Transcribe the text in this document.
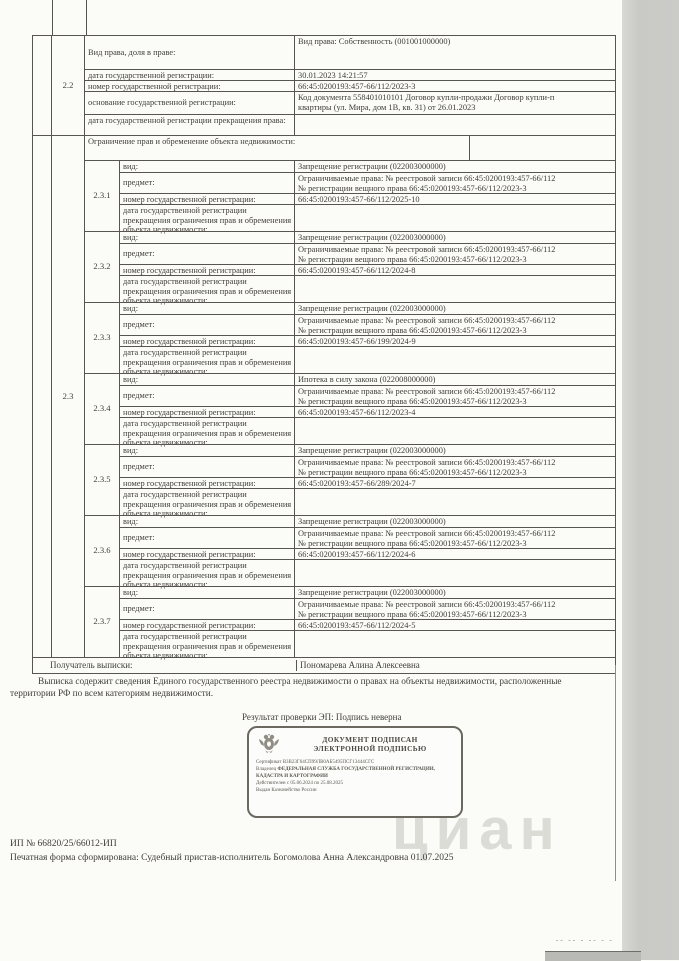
циан
2.2
Вид права, доля в праве:
Вид права: Собственность (001001000000)
дата государственной регистрации:	30.01.2023 14:21:57
номер государственной регистрации:	66:45:0200193:457-66/112/2023-3
основание государственной регистрации:
Код документа 558401010101 Договор купли-продажи Договор купли-п
квартиры (ул. Мира, дом 1В, кв. 31) от 26.01.2023
дата государственной регистрации прекращения права:
2.3
Ограничение прав и обременение объекта недвижимости:
2.3.1
вид:	Запрещение регистрации (022003000000)
предмет:	Ограничиваемые права: № реестровой записи 66:45:0200193:457-66/112
№ регистрации вещного права 66:45:0200193:457-66/112/2023-3
номер государственной регистрации:	66:45:0200193:457-66/112/2025-10
дата государственной регистрации прекращения ограничения прав и обременения объекта недвижимости:
2.3.2
вид:	Запрещение регистрации (022003000000)
предмет:	Ограничиваемые права: № реестровой записи 66:45:0200193:457-66/112
№ регистрации вещного права 66:45:0200193:457-66/112/2023-3
номер государственной регистрации:	66:45:0200193:457-66/112/2024-8
дата государственной регистрации прекращения ограничения прав и обременения объекта недвижимости:
2.3.3
вид:	Запрещение регистрации (022003000000)
предмет:	Ограничиваемые права: № реестровой записи 66:45:0200193:457-66/112
№ регистрации вещного права 66:45:0200193:457-66/112/2023-3
номер государственной регистрации:	66:45:0200193:457-66/199/2024-9
дата государственной регистрации прекращения ограничения прав и обременения объекта недвижимости:
2.3.4
вид:	Ипотека в силу закона (022008000000)
предмет:	Ограничиваемые права: № реестровой записи 66:45:0200193:457-66/112
№ регистрации вещного права 66:45:0200193:457-66/112/2023-3
номер государственной регистрации:	66:45:0200193:457-66/112/2023-4
дата государственной регистрации прекращения ограничения прав и обременения объекта недвижимости:
2.3.5
вид:	Запрещение регистрации (022003000000)
предмет:	Ограничиваемые права: № реестровой записи 66:45:0200193:457-66/112
№ регистрации вещного права 66:45:0200193:457-66/112/2023-3
номер государственной регистрации:	66:45:0200193:457-66/289/2024-7
дата государственной регистрации прекращения ограничения прав и обременения объекта недвижимости:
2.3.6
вид:	Запрещение регистрации (022003000000)
предмет:	Ограничиваемые права: № реестровой записи 66:45:0200193:457-66/112
№ регистрации вещного права 66:45:0200193:457-66/112/2023-3
номер государственной регистрации:	66:45:0200193:457-66/112/2024-6
дата государственной регистрации прекращения ограничения прав и обременения объекта недвижимости:
2.3.7
вид:	Запрещение регистрации (022003000000)
предмет:	Ограничиваемые права: № реестровой записи 66:45:0200193:457-66/112
№ регистрации вещного права 66:45:0200193:457-66/112/2023-3
номер государственной регистрации:	66:45:0200193:457-66/112/2024-5
дата государственной регистрации прекращения ограничения прав и обременения объекта недвижимости:
Получатель выписки:	Пономарева Алина Алексеевна
Выписка содержит сведения Единого государственного реестра недвижимости о правах на объекты недвижимости, расположенные
территории РФ по всем категориям недвижимости.
Результат проверки ЭП: Подпись неверна
ДОКУМЕНТ ПОДПИСАН
ЭЛЕКТРОННОЙ ПОДПИСЬЮ
Сертификат В3В23Г64СП99ЛВ0АБ5495ПСГ13444СГС
Владелец ФЕДЕРАЛЬНАЯ СЛУЖБА ГОСУДАРСТВЕННОЙ РЕГИСТРАЦИИ, КАДАСТРА И КАРТОГРАФИИ
Действителен с 05.06.2024 по 25.08.2025
Выдан Казначейство России
ИП № 66820/25/66012-ИП
Печатная форма сформирована: Судебный пристав-исполнитель Богомолова Анна Александровна 01.07.2025
-- -- - -- - -
